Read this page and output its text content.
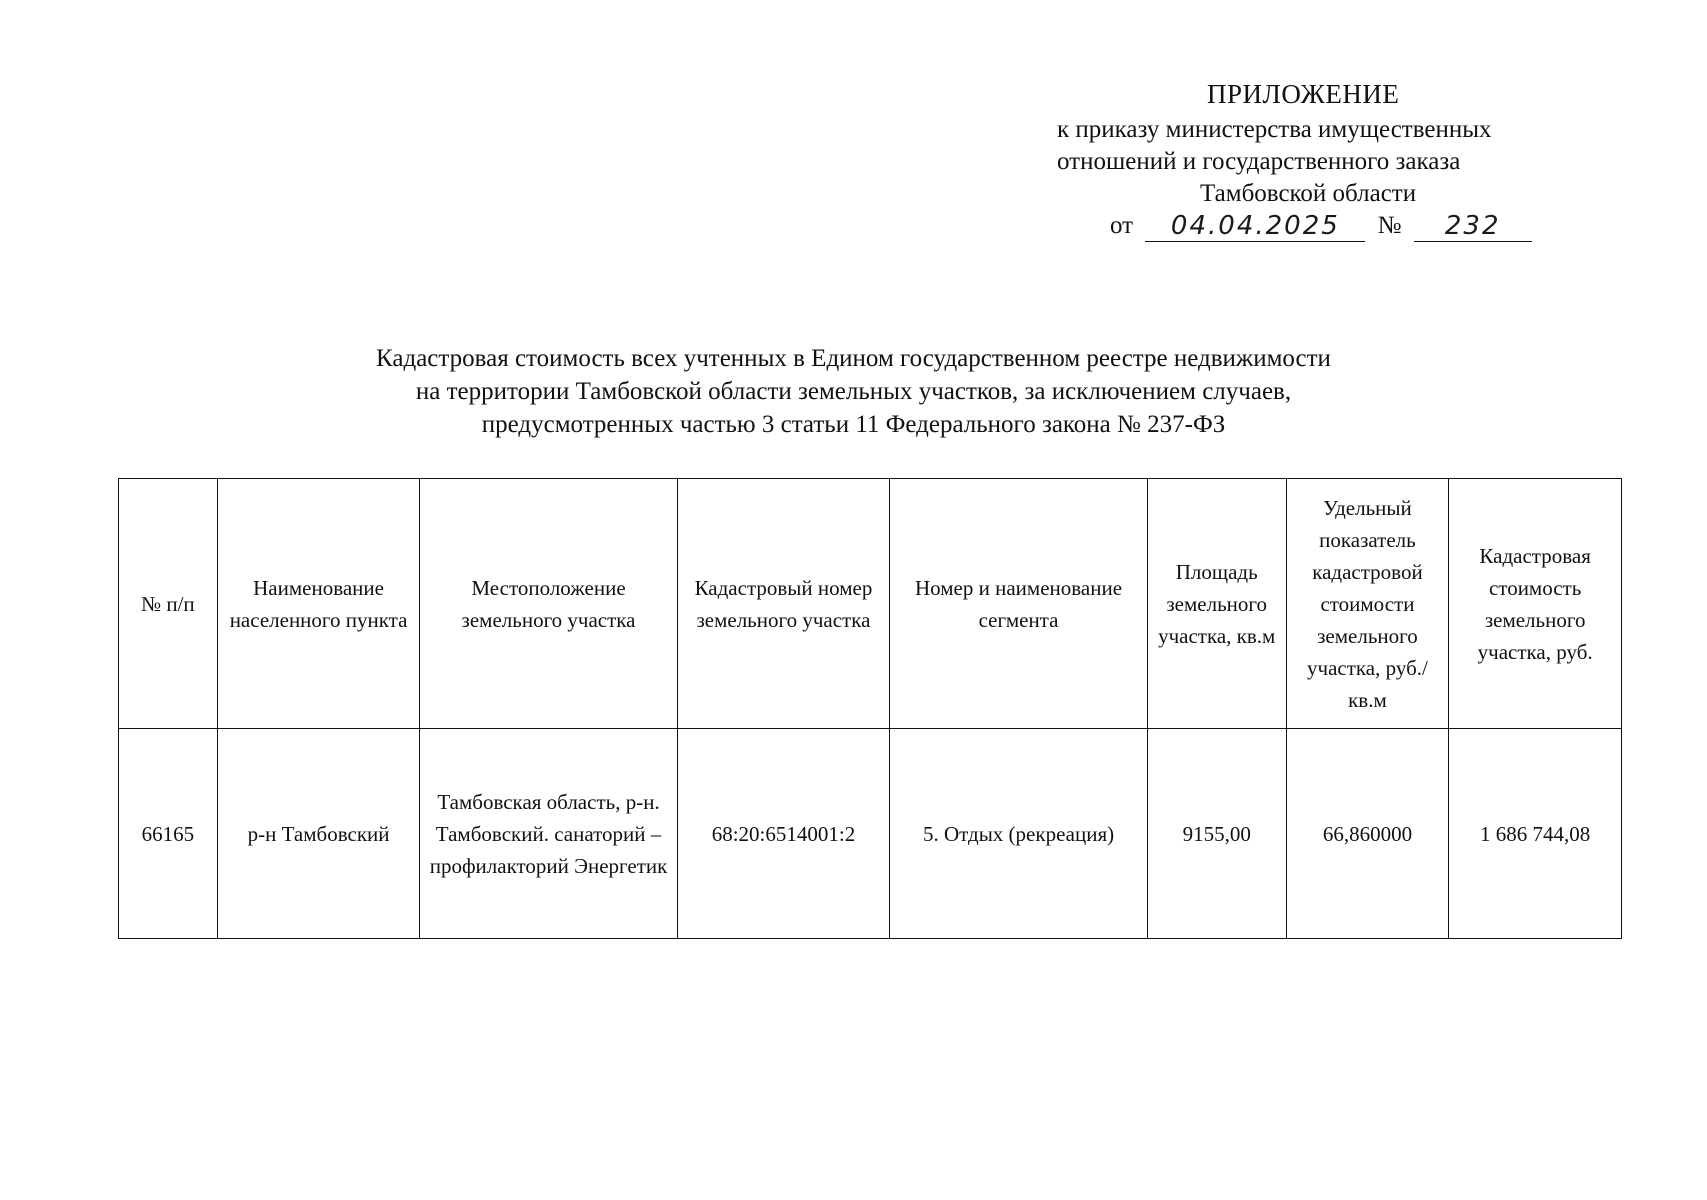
ПРИЛОЖЕНИЕ
к приказу министерства имущественных
отношений и государственного заказа
Тамбовской области
от 04.04.2025 № 232
Кадастровая стоимость всех учтенных в Едином государственном реестре недвижимости
на территории Тамбовской области земельных участков, за исключением случаев,
предусмотренных частью 3 статьи 11 Федерального закона № 237-ФЗ
№ п/п	Наименование населенного пункта	Местоположение земельного участка	Кадастровый номер земельного участка	Номер и наименование сегмента	Площадь земельного участка, кв.м	Удельный показатель кадастровой стоимости земельного участка, руб./кв.м	Кадастровая стоимость земельного участка, руб.
66165	р-н Тамбовский	Тамбовская область, р-н. Тамбовский. санаторий – профилакторий Энергетик	68:20:6514001:2	5. Отдых (рекреация)	9155,00	66,860000	1 686 744,08
